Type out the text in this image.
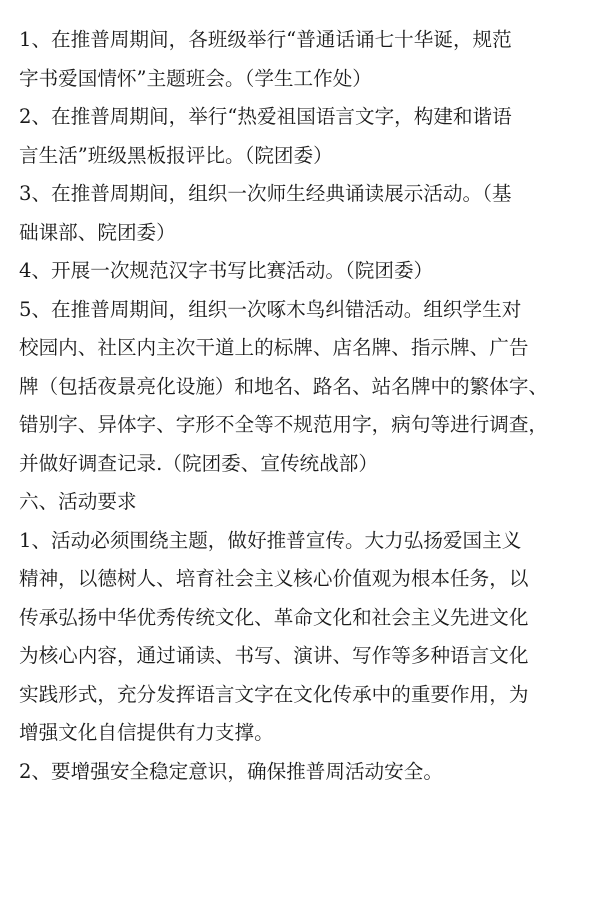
1、在推普周期间，各班级举行“普通话诵七十华诞，规范
字书爱国情怀”主题班会。（学生工作处）
2、在推普周期间，举行“热爱祖国语言文字，构建和谐语
言生活”班级黑板报评比。（院团委）
3、在推普周期间，组织一次师生经典诵读展示活动。（基
础课部、院团委）
4、开展一次规范汉字书写比赛活动。（院团委）
5、在推普周期间，组织一次啄木鸟纠错活动。组织学生对
校园内、社区内主次干道上的标牌、店名牌、指示牌、广告
牌（包括夜景亮化设施）和地名、路名、站名牌中的繁体字、
错别字、异体字、字形不全等不规范用字，病句等进行调查，
并做好调查记录.（院团委、宣传统战部）
六、活动要求
1、活动必须围绕主题，做好推普宣传。大力弘扬爱国主义
精神，以德树人、培育社会主义核心价值观为根本任务，以
传承弘扬中华优秀传统文化、革命文化和社会主义先进文化
为核心内容，通过诵读、书写、演讲、写作等多种语言文化
实践形式，充分发挥语言文字在文化传承中的重要作用，为
增强文化自信提供有力支撑。
2、要增强安全稳定意识，确保推普周活动安全。
